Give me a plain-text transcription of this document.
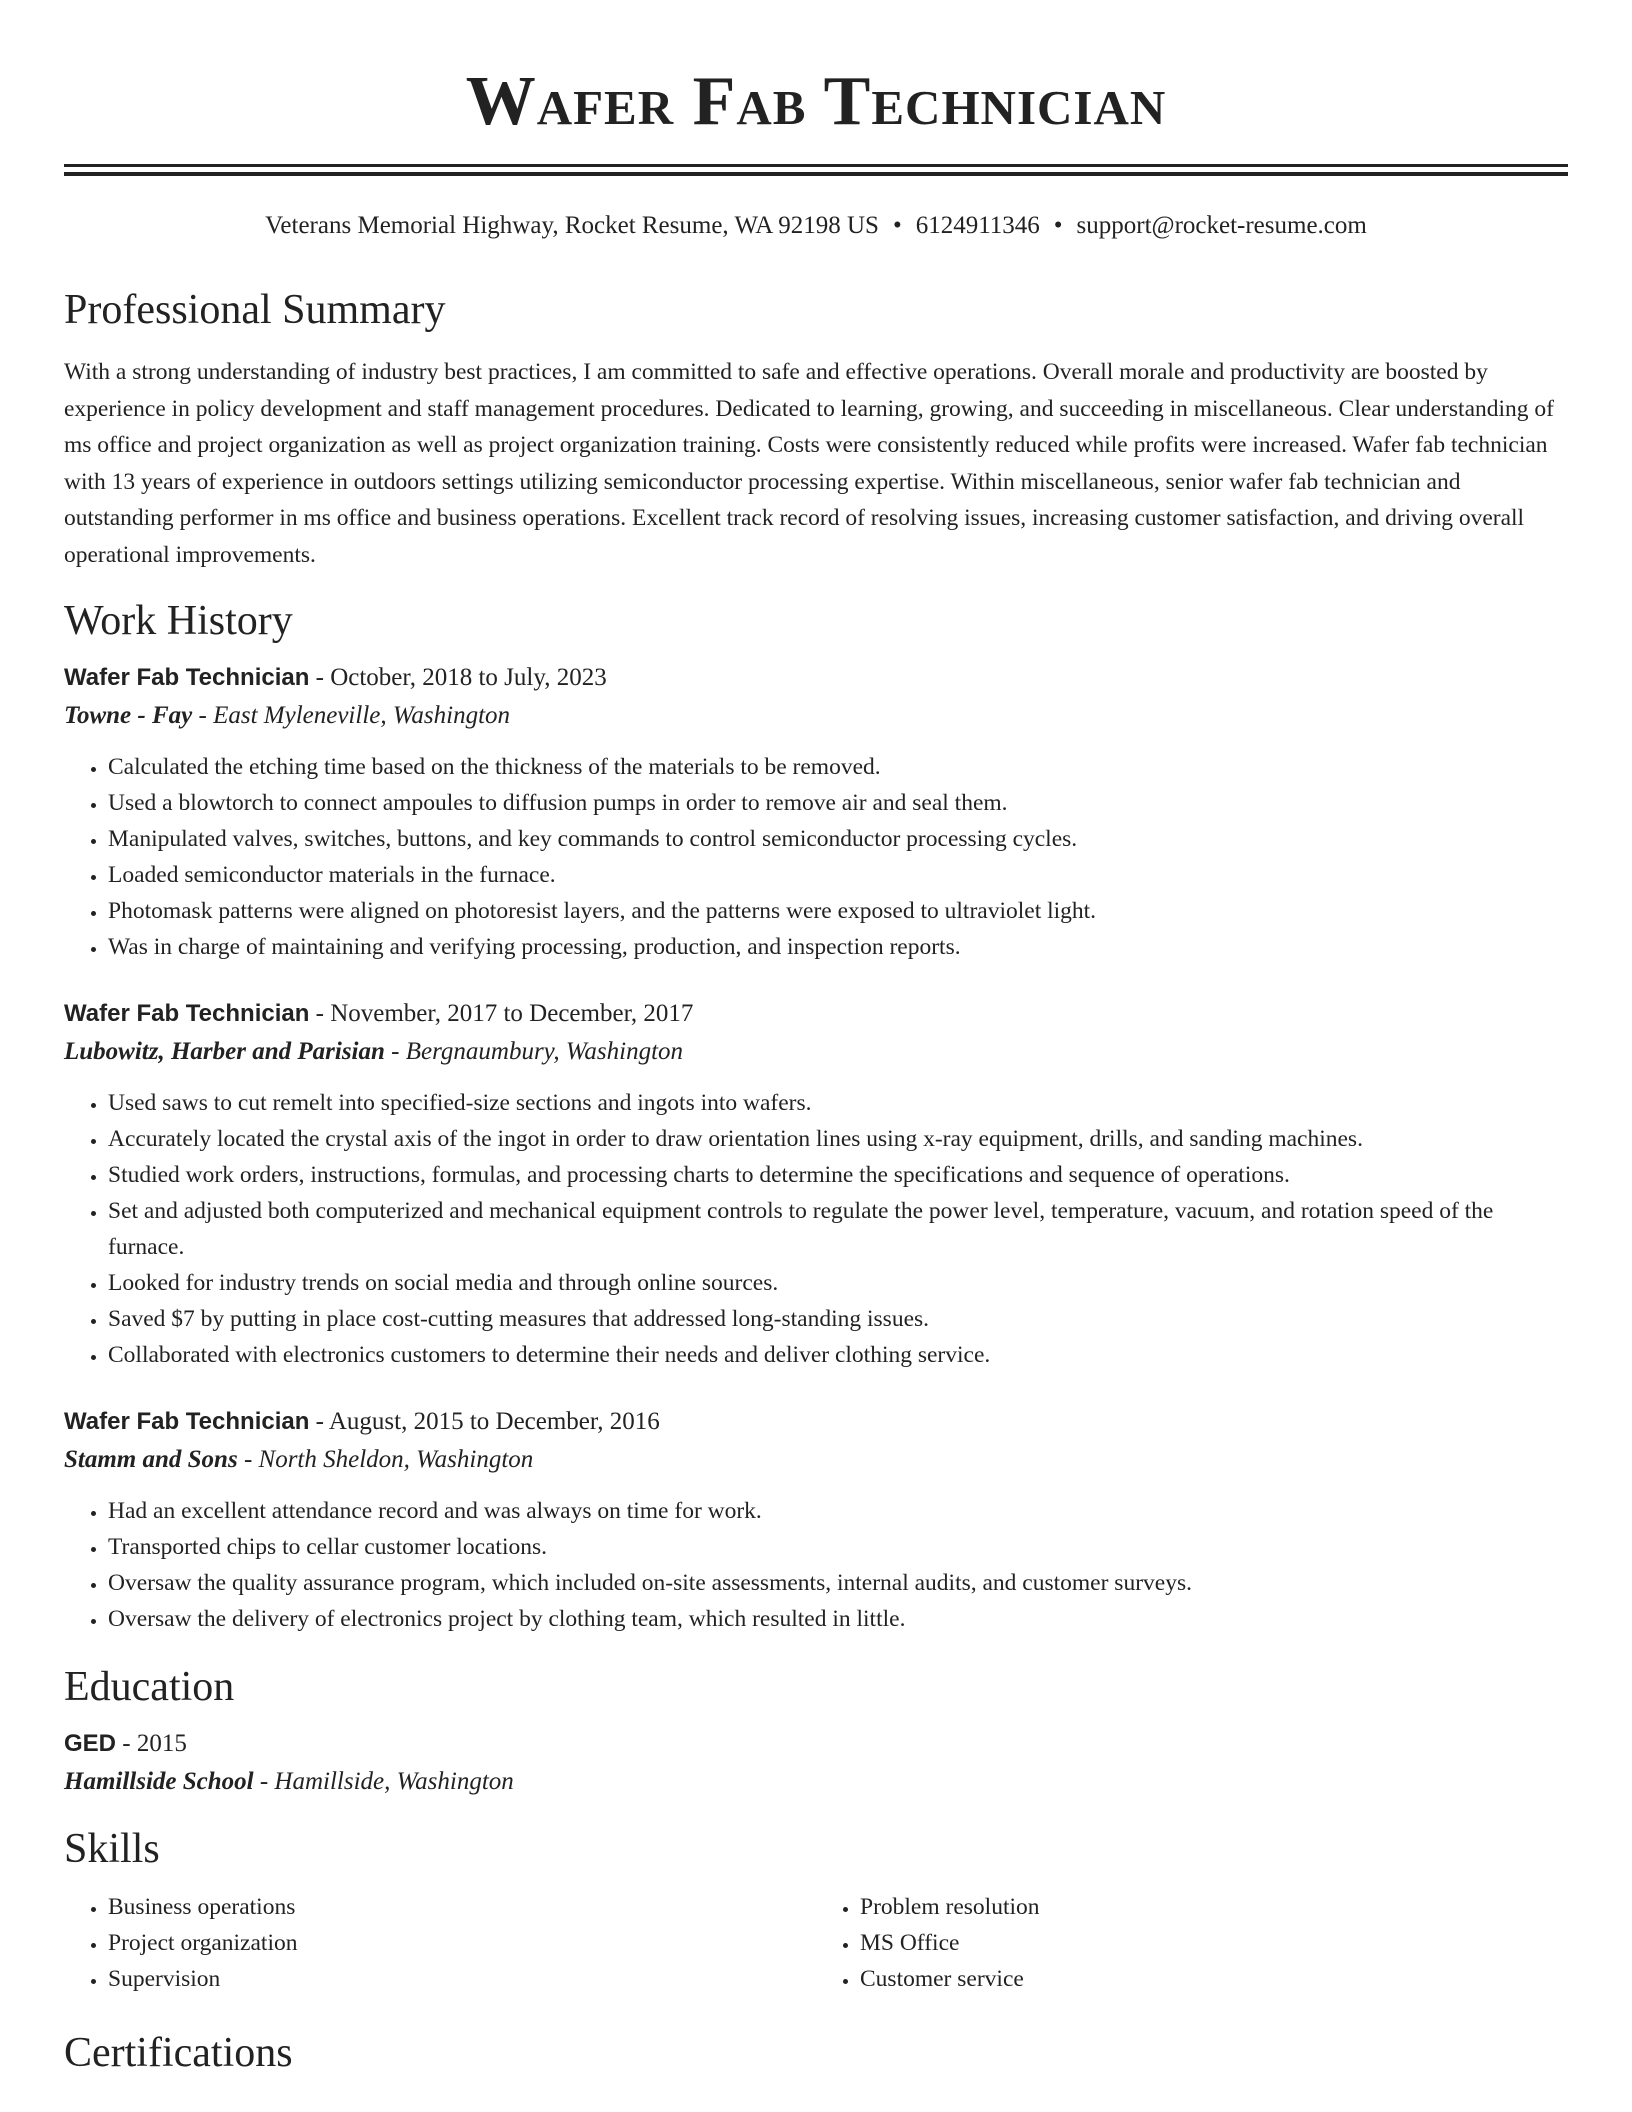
Wafer Fab Technician
Veterans Memorial Highway, Rocket Resume, WA 92198 US • 6124911346 • support@rocket-resume.com
Professional Summary

With a strong understanding of industry best practices, I am committed to safe and effective operations. Overall morale and productivity are boosted by experience in policy development and staff management procedures. Dedicated to learning, growing, and succeeding in miscellaneous. Clear understanding of ms office and project organization as well as project organization training. Costs were consistently reduced while profits were increased. Wafer fab technician with 13 years of experience in outdoors settings utilizing semiconductor processing expertise. Within miscellaneous, senior wafer fab technician and outstanding performer in ms office and business operations. Excellent track record of resolving issues, increasing customer satisfaction, and driving overall operational improvements.

Work History
Wafer Fab Technician - October, 2018 to July, 2023
Towne - Fay - East Myleneville, Washington
• Calculated the etching time based on the thickness of the materials to be removed.
• Used a blowtorch to connect ampoules to diffusion pumps in order to remove air and seal them.
• Manipulated valves, switches, buttons, and key commands to control semiconductor processing cycles.
• Loaded semiconductor materials in the furnace.
• Photomask patterns were aligned on photoresist layers, and the patterns were exposed to ultraviolet light.
• Was in charge of maintaining and verifying processing, production, and inspection reports.
Wafer Fab Technician - November, 2017 to December, 2017
Lubowitz, Harber and Parisian - Bergnaumbury, Washington
• Used saws to cut remelt into specified-size sections and ingots into wafers.
• Accurately located the crystal axis of the ingot in order to draw orientation lines using x-ray equipment, drills, and sanding machines.
• Studied work orders, instructions, formulas, and processing charts to determine the specifications and sequence of operations.
• Set and adjusted both computerized and mechanical equipment controls to regulate the power level, temperature, vacuum, and rotation speed of the furnace.
• Looked for industry trends on social media and through online sources.
• Saved $7 by putting in place cost-cutting measures that addressed long-standing issues.
• Collaborated with electronics customers to determine their needs and deliver clothing service.
Wafer Fab Technician - August, 2015 to December, 2016
Stamm and Sons - North Sheldon, Washington
• Had an excellent attendance record and was always on time for work.
• Transported chips to cellar customer locations.
• Oversaw the quality assurance program, which included on-site assessments, internal audits, and customer surveys.
• Oversaw the delivery of electronics project by clothing team, which resulted in little.
Education
GED - 2015
Hamillside School - Hamillside, Washington
Skills
• Business operations
• Project organization
• Supervision
• Problem resolution
• MS Office
• Customer service
Certifications
